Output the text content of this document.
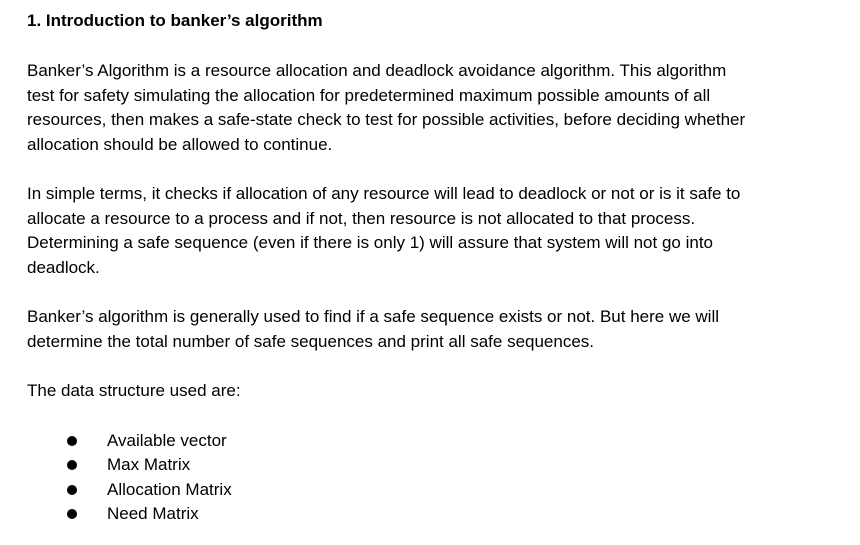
1. Introduction to banker’s algorithm

Banker’s Algorithm is a resource allocation and deadlock avoidance algorithm. This algorithm
test for safety simulating the allocation for predetermined maximum possible amounts of all
resources, then makes a safe-state check to test for possible activities, before deciding whether
allocation should be allowed to continue.

In simple terms, it checks if allocation of any resource will lead to deadlock or not or is it safe to
allocate a resource to a process and if not, then resource is not allocated to that process.
Determining a safe sequence (even if there is only 1) will assure that system will not go into
deadlock.

Banker’s algorithm is generally used to find if a safe sequence exists or not. But here we will
determine the total number of safe sequences and print all safe sequences.

The data structure used are:

Available vector
Max Matrix
Allocation Matrix
Need Matrix
